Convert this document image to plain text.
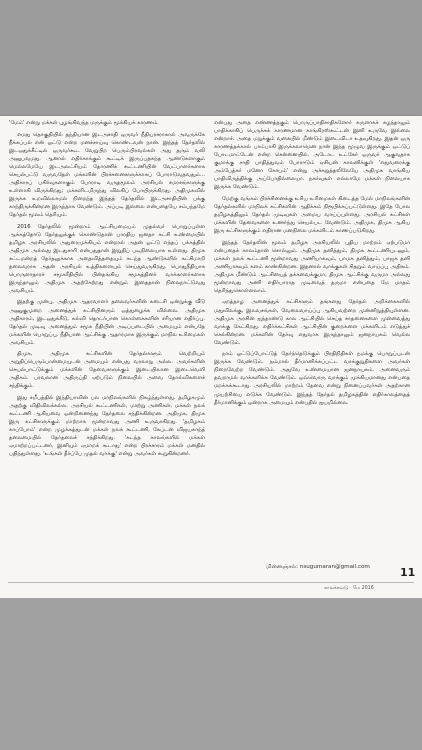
'மேம்' என்று மக்கள் புழங்கிவந்த மருக்கும் மூக்கியக் காரணம்.

எமது தொகுதியில் தந்தியான இடஅசாதி ஒருவர் நீதியரசராகால் அவருக்கே நீக்கப்பல் என் ஓட்டு என்ற மனச்சாய்வு கொண்டவன் நான். இந்தத் தேர்தலில் இடஒதுக்கீட்டில் ஒருவர்கூட வேறுபிற பெரும்பிரவல்கள் அது தரும் வலி அனுபவமது. ஆனால் எதிர்காக்கும் கூட்டிக் இருப்பதகந்த ஆண்டுகளாகும் மெல்லமேயே இடஅலட்சியம் தோரணிக் கூட்டணியின் வேட்பாளர்களாக செயல்பட்டு வருவதேள் மக்களின் பிரச்சனைகளுக்காகப் போராடுவதவதும்... அதிகாரப் பகிர்வுகளாகும் போராடி வருதமூலம் அரசியல் சமரசங்களுக்கு உள்ளாகி விருக்கிறது; மக்களிடமிருந்து விலகிப் போயிருக்கிறது. அதிமுகவில் இருக்க உறவில்லாமல் நிறைந்த இந்தத் தேர்தலில் இடஅசாதியின் பக்கு காந்திருக்கின்றன இருந்தாக வேண்டும். அப்படி இல்லை என்பதையே சம்பந்தமே தேர்தல் மூலம் தெரியும்.

2016 தேர்தலில் மூன்றாம் ஆட்சியமையம் முதல்வர் பொறுப்புள்ள ஆக்கத்தோடு தேர்தலுக்குக் கொண்டுதான் பாரதிய ஜனதா கட்சி உண்மையில் தமிழக அரசியலில் அதுரைமுக்கியம் என்றால் அதன் ஓட்டு எந்தப் பக்கத்தில் அதிமுக அல்லது இடதுசாரி என்பதுதான் இறுதிப் படிநிலையாக உள்ளது. திமுக சட்டமன்றத் தேர்தலுக்காக அதைவித்ததையும் கடந்த ஆண்டுகளில் கட்சிமாறி தலைவராக அதன் அரசியல் உத்திகளையும் செய்துவருகிறது. பொதுநீதியாக பொருளாதாரச் சமூகரீதியில் பின்தங்கிய சமூகத்தினர் வாக்காளர்களாக இருந்தாலும் அதிமுக அதற்கேற்றது என்றும் இதைதான் நிலைநாட்டுவது அவசியம்.

இதற்கு முன்பு, அதிமுக ஆதரவாளர் தலைவர்களின் கடைசி ஒன்றுக்கு வீடு அணுகுமுறை அனைத்துக் கட்சியினரும் ஒத்துழைக்க வில்லை. அதிமுக அதிகாரம், இடஒதுக்கீடு, கல்வி தொடர்பான கொள்கைகளின் சரியான எதிர்ப்பு. தேர்தல் முடிவு அனைத்தும் சமூக நீதியின் அடிப்படையில் அமையும் என்பதே மக்களின் பொறுப்பு. நீதியான ஆட்சிக்கு ஆதாரமாக இருக்கும் மாநில உரிமைகள் அவசியம்.

திமுக, அதிமுக கட்சிகளின் தேர்தல்களும் வெற்றியும் அறுதிப்பெரும்பான்மையுடன் அமையும் என்பது வரலாறு அல்ல. அவர்களின் செயல்பாட்டுக்கும் மக்களின் தேவைகளுக்கும் இடையிலான இடைவெளி அதிகம். பரவலான அதிருப்தி ஏற்படும் நிலையில் அவை தோல்விகளைச் சந்திக்கும்.

இது சமீபத்தில் இந்தியாவின் பல மாநிலங்களில் நிகழ்ந்துள்ளது. தமிழகமும் அதற்கு விதிவிலக்கல்ல. அரசியல் கூட்டணிகள், மாற்று அணிகள், மக்கள் நலக் கூட்டணி ஆகியவை ஒன்றிணைந்து தேர்தலை சந்திக்கின்றன. அதிமுக, திமுக இரு கட்சிகளுக்கும் மாற்றாக மூன்றாவது அணி உருவாகிறது. 'தமிழகம் காப்போம்' என்ற முழக்கத்துடன் மக்கள் நலக் கூட்டணி, கேப்டன் விஜயகாந்த் தலைமையில் தேர்தலைச் சந்திக்கிறது. 'கடந்த காலங்களில் மக்கள் ஏமாற்றப்பட்டனர், இனியும் ஏமாறக் கூடாது' என்ற பிரச்சாரம் மக்கள் மனதில் பதிந்துள்ளது. 'உங்கள் தீர்ப்பே முதல் வாக்கு' என்று அவர்கள் கூறுகின்றனர்.

என்பது அதை எண்ணத்தகும் பொருப்பாதிசாதிகளோர் சுருளாகச் சுழந்தாலும் பாதிக்காகிப் பெருக்கக் காரணமான காங்கிரஸ்கூட்டன் இனி உருவே இல்லை என்றாச். அதை மறுக்கும் வகையில் மீண்டும் இடைவிடா உதவுகிறது. இதன் ஒரு காரணத்தக்கால் பாம்பாகி இருக்கலாமென நான் இந்த மூழுவ இருக்கும் ஒட்டுப் போடமாட்டேன் என்ற சென்னையில். அடோட உட்கேர் ஒருவர் ஆகுவதாக குமாக்கு சாதி பாதித்துவம் போராடும் ஏசியன் காலனிக்குள் 'எதுவரைக்கு அம்பேத்கர் மனோ கோபம்' என்று அச்சுறுத்தலிலேயே அதிமுக வாங்கிய பாதிவிருத்திக்கு அப்போதில்லையா. நகர்வுகள் எல்லாமே மக்கள் நிலையாக இருக்க வேண்டும்.

மேற்கு வங்கம் பிரச்சினைக்கு உரிய உரிமைகள் கிடைத்த மேல் மாநிலங்களின் தேர்தல்களில் மாநிலக் கட்சிகளின் ஆதிக்கம் நிரூபிக்கப்பட்டுள்ளது. இதே போல தமிழகத்திலும் தேர்தல் முடிவுகள் அமைய வாய்ப்புள்ளது. அரசியல் கட்சிகள் மக்களின் தேவைகளை உணர்ந்து செயல்பட வேண்டும். அதிமுக, திமுக ஆகிய இரு கட்சிகளுக்கும் எதிரான மனநிலை மக்களிடம் காணப்படுகிறது.

இந்தத் தேர்தலின் மூலம் தமிழக அரசியலில் புதிய மாற்றம் ஏற்படுமா என்பதைக் காலம்தான் சொல்லும். அதிமுக தனித்தும், திமுக கூட்டணியுடனும், மக்கள் நலக் கூட்டணி மூன்றாவது அணியாகவும், பாமக தனித்தும், பாஜக தனி அணியாகவும் களம் காண்கின்றன. இதனால் வாக்குகள் சிதறும் வாய்ப்பு அதிகம். அதிமுக மீண்டும் ஆட்சியைத் தக்கவைக்குமா, திமுக ஆட்சிக்கு வருமா அல்லது மூன்றாவது அணி எதிர்பாராத முடிவைத் தருமா என்பதை மே மாதம் தெரிந்துகொள்ளலாம்.

ஏறத்தாழ அனைத்துக் கட்சிகளும் தங்களது தேர்தல் அறிக்கைகளில் மதுவிலக்கு, இலவசங்கள், வேலைவாய்ப்பு ஆகியவற்றை முன்னிறுத்தியுள்ளன. அதிமுக அரசின் ஐந்தாண்டு கால ஆட்சியில் செய்த சாதனைகளை முன்வைத்து வாக்கு கேட்கிறது. எதிர்க்கட்சிகள் ஆட்சியின் குறைகளை மக்களிடம் எடுத்துச் செல்கின்றன. மக்களின் தேர்வு எதுவாக இருந்தாலும் ஜனநாயகம் வெல்ல வேண்டும்.

நாம் ஓட்டுப்போட்டுத் தேர்ந்தெடுக்கும் பிரதிநிதிகள் நமக்கு பொறுப்புடன் இருக்க வேண்டும். நம்மால் தீர்மானிக்கப்பட்ட வாக்குறுதிகளை அவர்கள் நிறைவேற்ற வேண்டும். அதுவே உண்மையான ஜனநாயகம். அனைவரும் தவறாமல் வாக்களிக்க வேண்டும். ஒவ்வொரு வாக்கும் முக்கியமானது என்பதை மறக்கக்கூடாது. அரசியலில் மாற்றம் தேவை என்று நினைப்பவர்கள் அதற்கான முயற்சியை எடுக்க வேண்டும். இந்தத் தேர்தல் தமிழகத்தின் எதிர்காலத்தைத் தீர்மானிக்கும் ஒன்றாக அமையும் என்பதில் ஐயமில்லை.

மின்னஞ்சல்: nsugumaran@gmail.com	11
காலச்சுவடு · மே 2016
